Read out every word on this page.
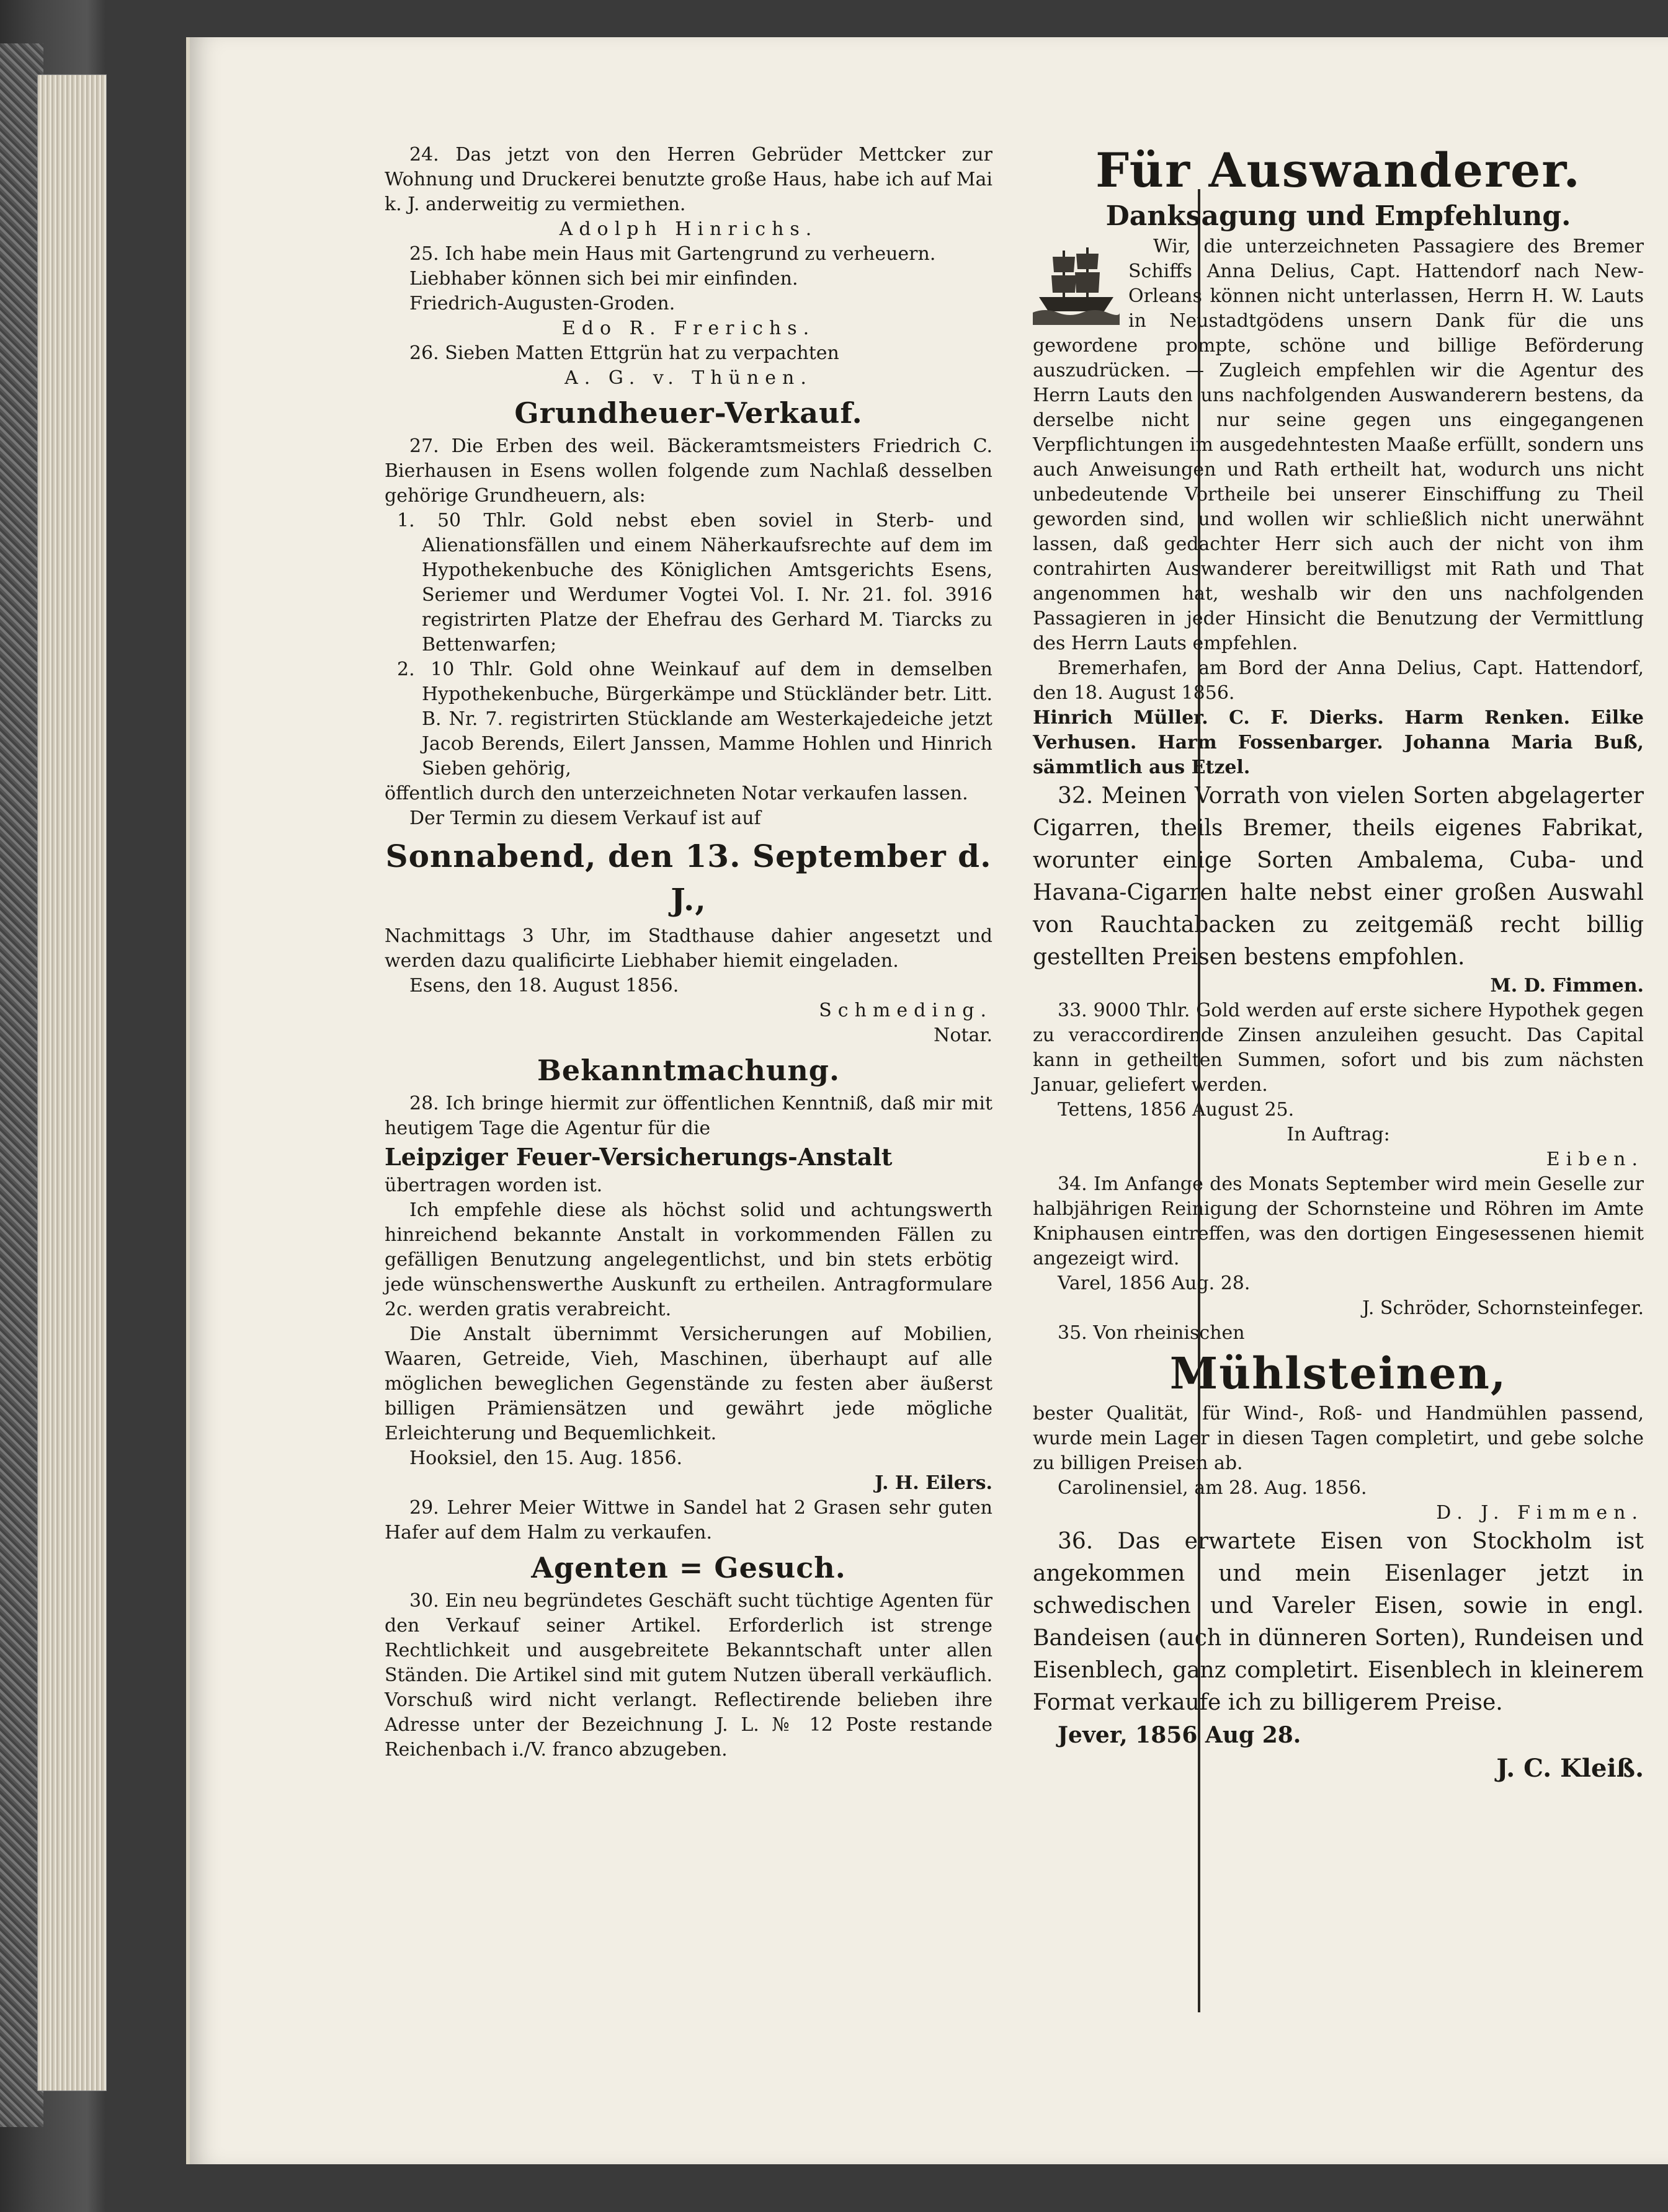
24. Das jetzt von den Herren Gebrüder Mettcker zur Wohnung und Druckerei benutzte große Haus, habe ich auf Mai k. J. anderweitig zu vermiethen.

Adolph Hinrichs.

25. Ich habe mein Haus mit Gartengrund zu verheuern.

Liebhaber können sich bei mir einfinden.

Friedrich-Augusten-Groden.

Edo R. Frerichs.

26. Sieben Matten Ettgrün hat zu verpachten

A. G. v. Thünen.

Grundheuer-Verkauf.

27. Die Erben des weil. Bäckeramtsmeisters Friedrich C. Bierhausen in Esens wollen folgende zum Nachlaß desselben gehörige Grundheuern, als:

1. 50 Thlr. Gold nebst eben soviel in Sterb- und Alienationsfällen und einem Näherkaufsrechte auf dem im Hypothekenbuche des Königlichen Amtsgerichts Esens, Seriemer und Werdumer Vogtei Vol. I. Nr. 21. fol. 3916 registrirten Platze der Ehefrau des Gerhard M. Tiarcks zu Bettenwarfen;

2. 10 Thlr. Gold ohne Weinkauf auf dem in demselben Hypothekenbuche, Bürgerkämpe und Stückländer betr. Litt. B. Nr. 7. registrirten Stücklande am Westerkajedeiche jetzt Jacob Berends, Eilert Janssen, Mamme Hohlen und Hinrich Sieben gehörig,

öffentlich durch den unterzeichneten Notar verkaufen lassen.

Der Termin zu diesem Verkauf ist auf

Sonnabend, den 13. September d. J.,

Nachmittags 3 Uhr, im Stadthause dahier angesetzt und werden dazu qualificirte Liebhaber hiemit eingeladen.

Esens, den 18. August 1856.

Schmeding.

Notar.

Bekanntmachung.

28. Ich bringe hiermit zur öffentlichen Kenntniß, daß mir mit heutigem Tage die Agentur für die

Leipziger Feuer-Versicherungs-Anstalt

übertragen worden ist.

Ich empfehle diese als höchst solid und achtungswerth hinreichend bekannte Anstalt in vorkommenden Fällen zu gefälligen Benutzung angelegentlichst, und bin stets erbötig jede wünschenswerthe Auskunft zu ertheilen. Antragformulare 2c. werden gratis verabreicht.

Die Anstalt übernimmt Versicherungen auf Mobilien, Waaren, Getreide, Vieh, Maschinen, überhaupt auf alle möglichen beweglichen Gegenstände zu festen aber äußerst billigen Prämiensätzen und gewährt jede mögliche Erleichterung und Bequemlichkeit.

Hooksiel, den 15. Aug. 1856.

J. H. Eilers.

29. Lehrer Meier Wittwe in Sandel hat 2 Grasen sehr guten Hafer auf dem Halm zu verkaufen.

Agenten = Gesuch.

30. Ein neu begründetes Geschäft sucht tüchtige Agenten für den Verkauf seiner Artikel. Erforderlich ist strenge Rechtlichkeit und ausgebreitete Bekanntschaft unter allen Ständen. Die Artikel sind mit gutem Nutzen überall verkäuflich. Vorschuß wird nicht verlangt. Reflectirende belieben ihre Adresse unter der Bezeichnung J. L. № 12 Poste restande Reichenbach i./V. franco abzugeben.

Für Auswanderer.
Danksagung und Empfehlung.

Wir, die unterzeichneten Passagiere des Bremer Schiffs Anna Delius, Capt. Hattendorf nach New-Orleans können nicht unterlassen, Herrn H. W. Lauts in Neustadtgödens unsern Dank für die uns gewordene prompte, schöne und billige Beförderung auszudrücken. — Zugleich empfehlen wir die Agentur des Herrn Lauts den uns nachfolgenden Auswanderern bestens, da derselbe nicht nur seine gegen uns eingegangenen Verpflichtungen im ausgedehntesten Maaße erfüllt, sondern uns auch Anweisungen und Rath ertheilt hat, wodurch uns nicht unbedeutende Vortheile bei unserer Einschiffung zu Theil geworden sind, und wollen wir schließlich nicht unerwähnt lassen, daß gedachter Herr sich auch der nicht von ihm contrahirten Auswanderer bereitwilligst mit Rath und That angenommen hat, weshalb wir den uns nachfolgenden Passagieren in jeder Hinsicht die Benutzung der Vermittlung des Herrn Lauts empfehlen.

Bremerhafen, am Bord der Anna Delius, Capt. Hattendorf, den 18. August 1856.

Hinrich Müller. C. F. Dierks. Harm Renken. Eilke Verhusen. Harm Fossenbarger. Johanna Maria Buß, sämmtlich aus Etzel.

32. Meinen Vorrath von vielen Sorten abgelagerter Cigarren, theils Bremer, theils eigenes Fabrikat, worunter einige Sorten Ambalema, Cuba- und Havana-Cigarren halte nebst einer großen Auswahl von Rauchtabacken zu zeitgemäß recht billig gestellten Preisen bestens empfohlen.

M. D. Fimmen.

33. 9000 Thlr. Gold werden auf erste sichere Hypothek gegen zu veraccordirende Zinsen anzuleihen gesucht. Das Capital kann in getheilten Summen, sofort und bis zum nächsten Januar, geliefert werden.

Tettens, 1856 August 25.

In Auftrag:

Eiben.

34. Im Anfange des Monats September wird mein Geselle zur halbjährigen Reinigung der Schornsteine und Röhren im Amte Kniphausen eintreffen, was den dortigen Eingesessenen hiemit angezeigt wird.

Varel, 1856 Aug. 28.

J. Schröder, Schornsteinfeger.

35. Von rheinischen

Mühlsteinen,

bester Qualität, für Wind-, Roß- und Handmühlen passend, wurde mein Lager in diesen Tagen completirt, und gebe solche zu billigen Preisen ab.

Carolinensiel, am 28. Aug. 1856.

D. J. Fimmen.

36. Das erwartete Eisen von Stockholm ist angekommen und mein Eisenlager jetzt in schwedischen und Vareler Eisen, sowie in engl. Bandeisen (auch in dünneren Sorten), Rundeisen und Eisenblech, ganz completirt. Eisenblech in kleinerem Format verkaufe ich zu billigerem Preise.

Jever, 1856 Aug 28.

J. C. Kleiß.
